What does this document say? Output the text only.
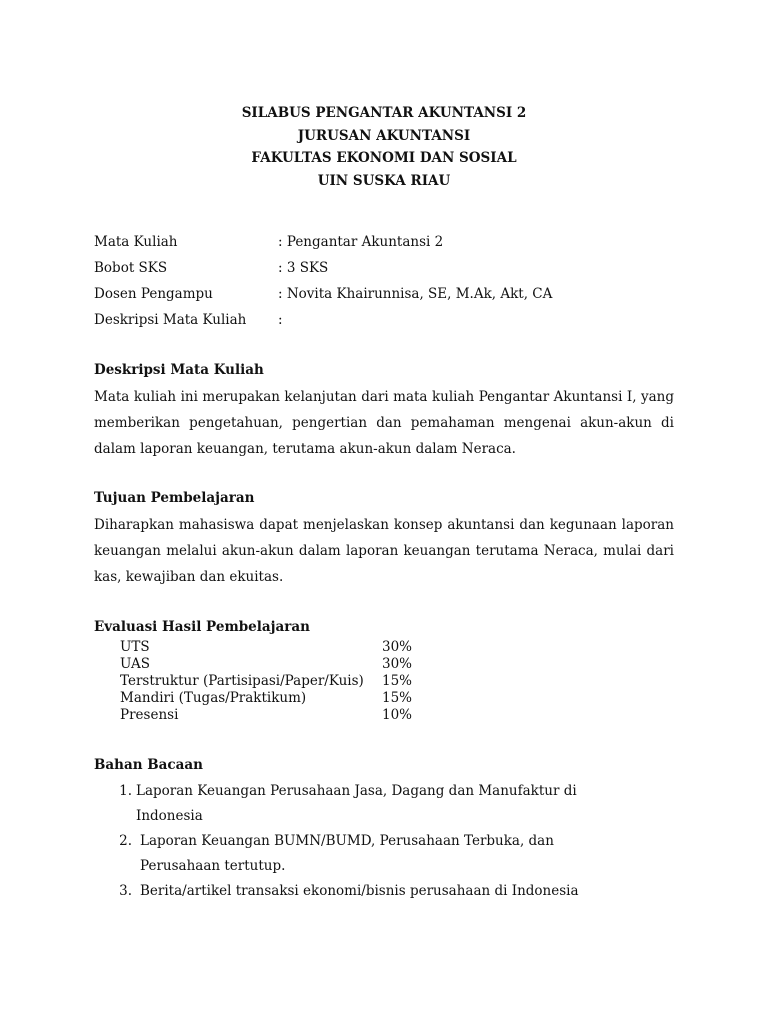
SILABUS PENGANTAR AKUNTANSI 2
JURUSAN AKUNTANSI
FAKULTAS EKONOMI DAN SOSIAL
UIN SUSKA RIAU
Mata Kuliah	: Pengantar Akuntansi 2
Bobot SKS	: 3 SKS
Dosen Pengampu	: Novita Khairunnisa, SE, M.Ak, Akt, CA
Deskripsi Mata Kuliah	:
Deskripsi Mata Kuliah
Mata kuliah ini merupakan kelanjutan dari mata kuliah Pengantar Akuntansi I, yang memberikan pengetahuan, pengertian dan pemahaman mengenai akun-akun di dalam laporan keuangan, terutama akun-akun dalam Neraca.
Tujuan Pembelajaran
Diharapkan mahasiswa dapat menjelaskan konsep akuntansi dan kegunaan laporan keuangan melalui akun-akun dalam laporan keuangan terutama Neraca, mulai dari kas, kewajiban dan ekuitas.
Evaluasi Hasil Pembelajaran
UTS	30%
UAS	30%
Terstruktur (Partisipasi/Paper/Kuis)	15%
Mandiri (Tugas/Praktikum)	15%
Presensi	10%
Bahan Bacaan
1. Laporan Keuangan Perusahaan Jasa, Dagang dan Manufaktur di Indonesia
2. Laporan Keuangan BUMN/BUMD, Perusahaan Terbuka, dan Perusahaan tertutup.
3. Berita/artikel transaksi ekonomi/bisnis perusahaan di Indonesia
